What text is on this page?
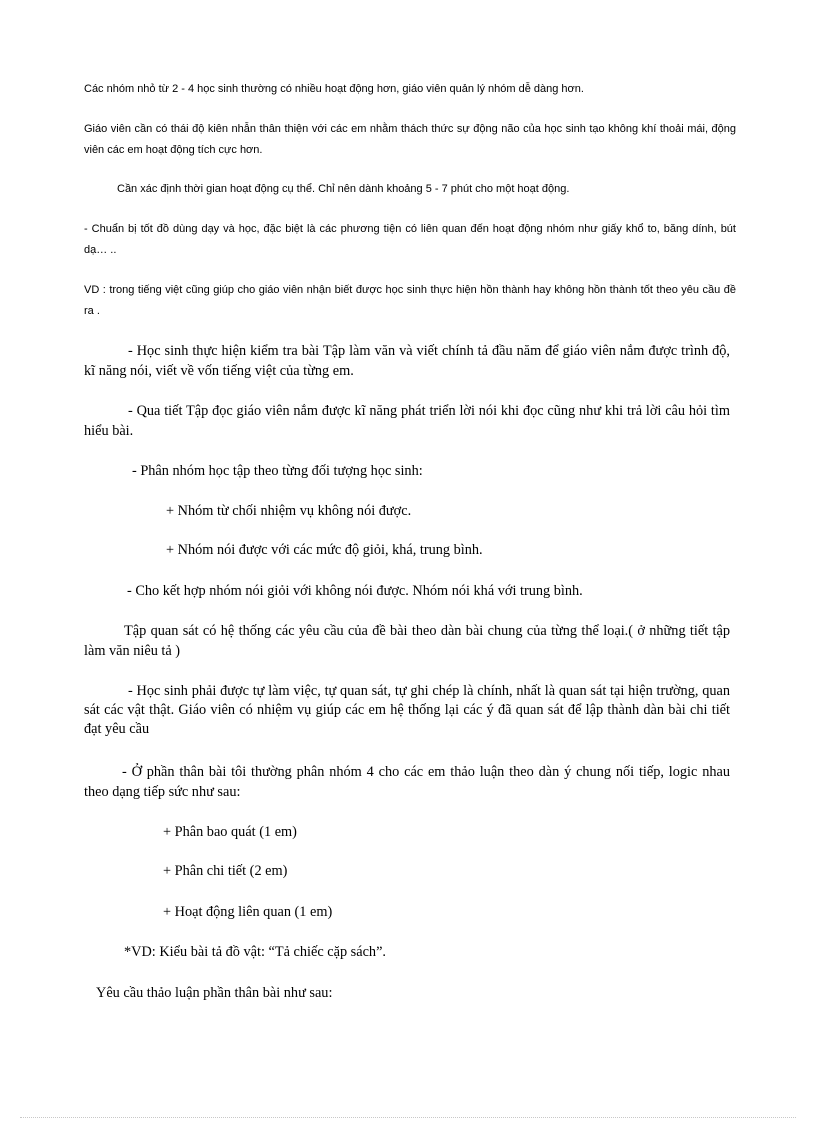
Các nhóm nhỏ từ 2 - 4 học sinh thường có nhiều hoạt động hơn, giáo viên quản lý nhóm dễ dàng hơn.
Giáo viên cần có thái độ kiên nhẫn thân thiện với các em nhằm thách thức sự động não của học sinh tạo không khí thoải mái, động viên các em hoạt động tích cực hơn.
Cần xác định thời gian hoạt động cụ thể. Chỉ nên dành khoảng 5 - 7 phút cho một hoạt động.
- Chuẩn bị tốt đồ dùng dạy và học, đặc biệt là các phương tiện có liên quan đến hoạt động nhóm như giấy khổ to, băng dính, bút dạ… ..
VD : trong tiếng việt cũng giúp cho giáo viên nhận biết được học sinh thực hiện hồn thành hay không hồn thành tốt theo yêu cầu đề ra .
- Học sinh thực hiện kiểm tra bài Tập làm văn và viết chính tả đầu năm để giáo viên nắm được trình độ, kĩ năng nói, viết về vốn tiếng việt của từng em.
- Qua tiết Tập đọc giáo viên nắm được kĩ năng phát triển lời nói khi đọc cũng như khi trả lời câu hỏi tìm hiểu bài.
- Phân nhóm học tập theo từng đối tượng học sinh:
+ Nhóm từ chối nhiệm vụ không nói được.
+ Nhóm nói được với các mức độ giỏi, khá, trung bình.
- Cho kết hợp nhóm nói giỏi với không nói được. Nhóm nói khá với trung bình.
Tập quan sát có hệ thống các yêu cầu của đề bài theo dàn bài chung của từng thể loại.( ở những tiết tập làm văn niêu tả )
- Học sinh phải được tự làm việc, tự quan sát, tự ghi chép là chính, nhất là quan sát tại hiện trường, quan sát các vật thật. Giáo viên có nhiệm vụ giúp các em hệ thống lại các ý đã quan sát để lập thành dàn bài chi tiết đạt yêu cầu
- Ở phần thân bài tôi thường phân nhóm 4 cho các em thảo luận theo dàn ý chung nối tiếp, logic nhau theo dạng tiếp sức như sau:
+ Phân bao quát (1 em)
+ Phân chi tiết (2 em)
+ Hoạt động liên quan (1 em)
*VD: Kiểu bài tả đồ vật: “Tả chiếc cặp sách”.
Yêu cầu thảo luận phần thân bài như sau:
